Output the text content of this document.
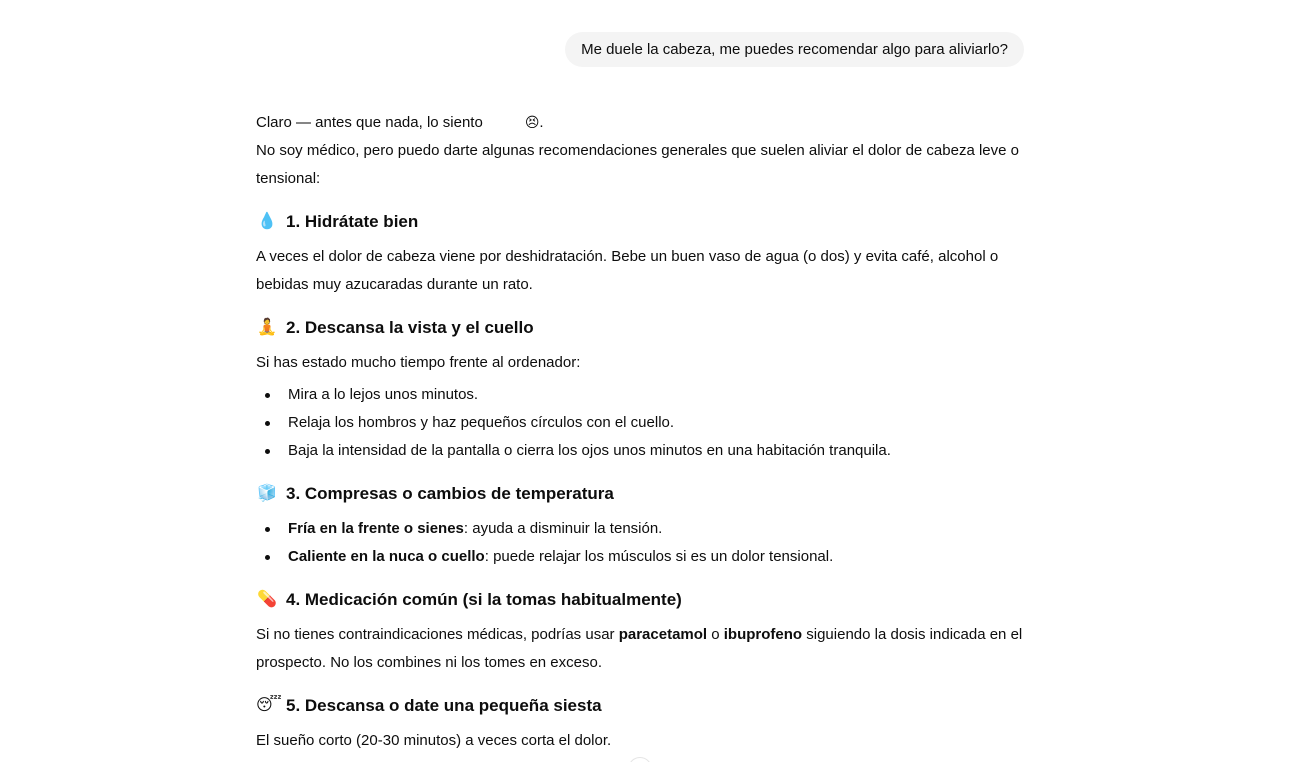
Me duele la cabeza, me puedes recomendar algo para aliviarlo?

Claro — antes que nada, lo siento	😣.

No soy médico, pero puedo darte algunas recomendaciones generales que suelen aliviar el dolor de cabeza leve o tensional:

💧 1. Hidrátate bien

A veces el dolor de cabeza viene por deshidratación. Bebe un buen vaso de agua (o dos) y evita café, alcohol o bebidas muy azucaradas durante un rato.

🧘 2. Descansa la vista y el cuello

Si has estado mucho tiempo frente al ordenador:

Mira a lo lejos unos minutos.
Relaja los hombros y haz pequeños círculos con el cuello.
Baja la intensidad de la pantalla o cierra los ojos unos minutos en una habitación tranquila.
🧊 3. Compresas o cambios de temperatura
Fría en la frente o sienes: ayuda a disminuir la tensión.
Caliente en la nuca o cuello: puede relajar los músculos si es un dolor tensional.
💊 4. Medicación común (si la tomas habitualmente)

Si no tienes contraindicaciones médicas, podrías usar paracetamol o ibuprofeno siguiendo la dosis indicada en el prospecto. No los combines ni los tomes en exceso.

😴 5. Descansa o date una pequeña siesta

El sueño corto (20-30 minutos) a veces corta el dolor.
